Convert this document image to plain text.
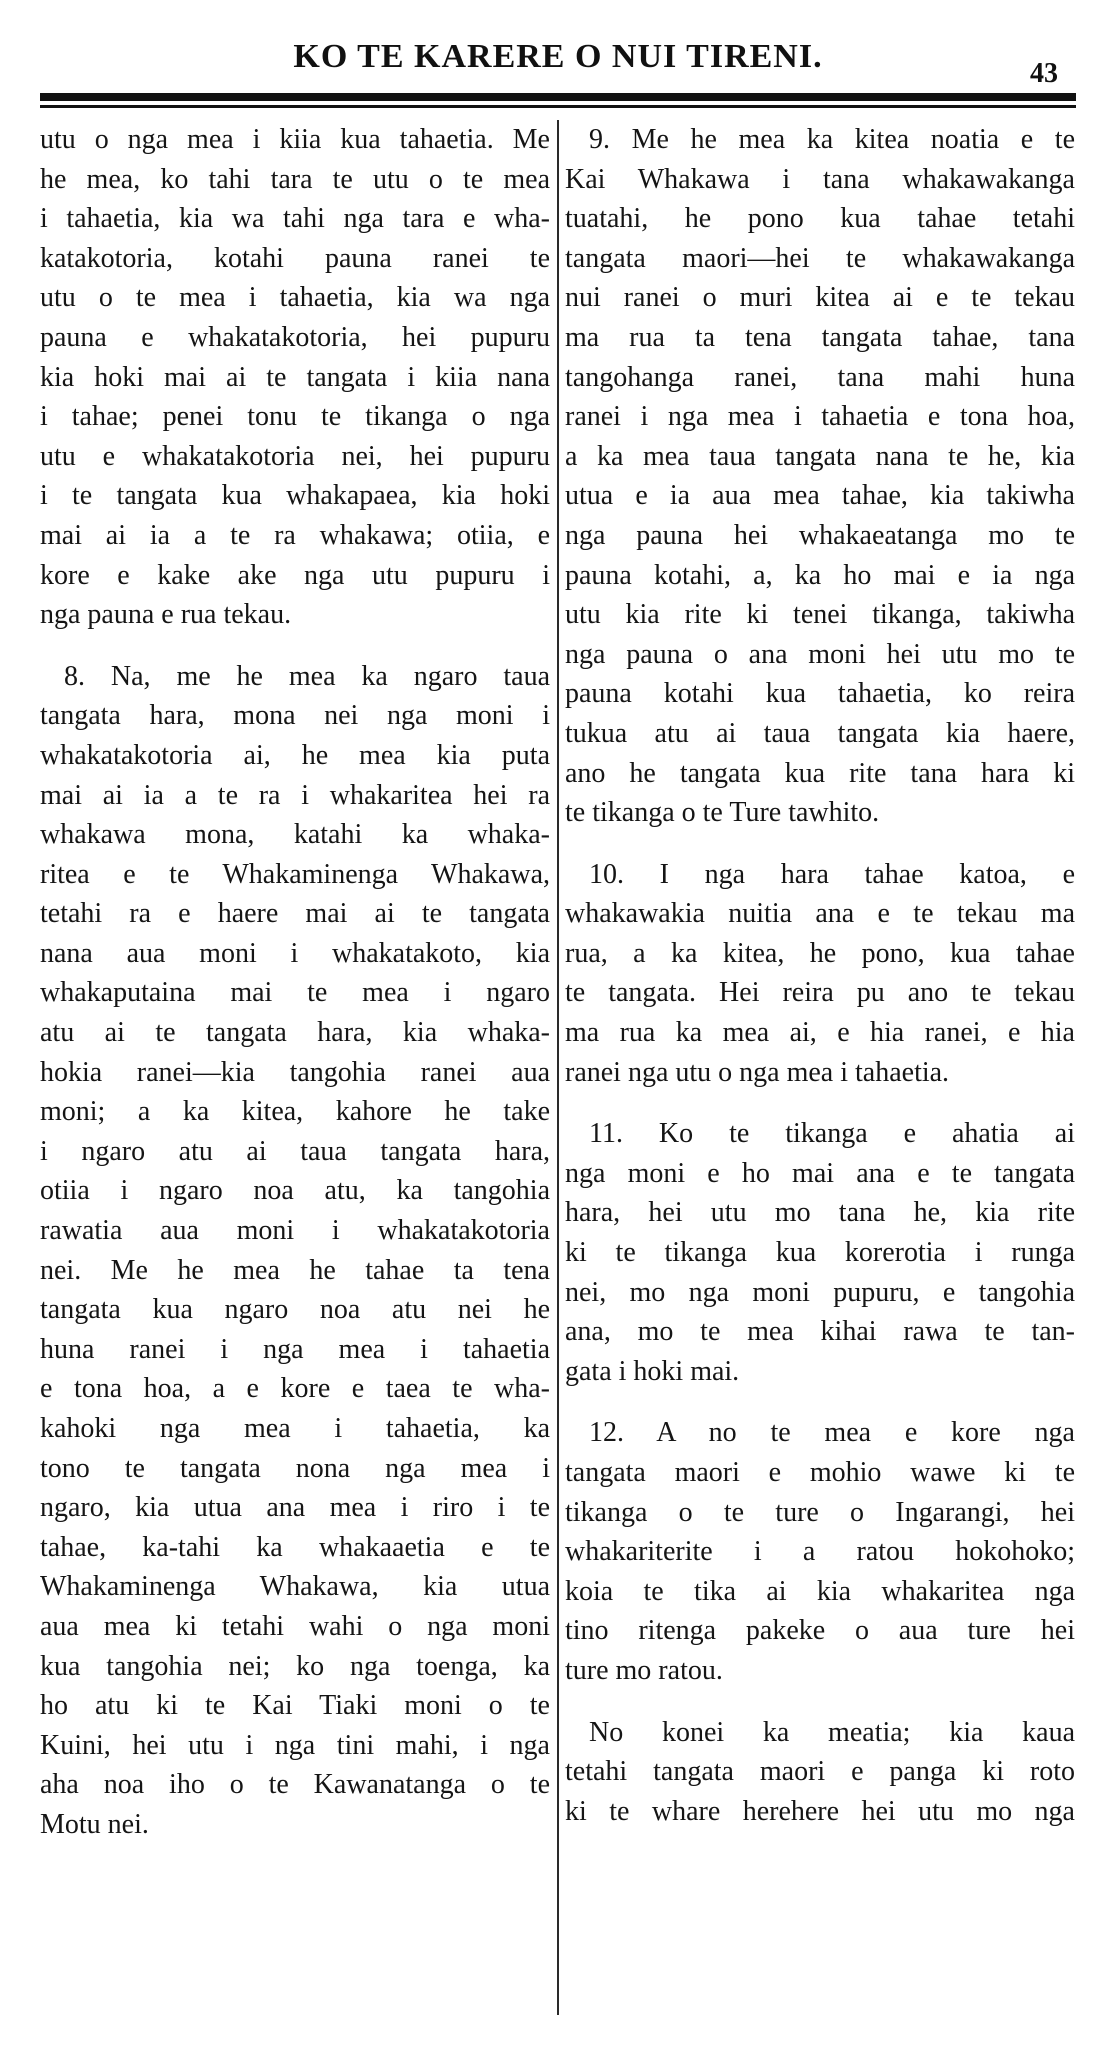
KO TE KARERE O NUI TIRENI.	43
utu o nga mea i kiia kua tahaetia. Me
he mea, ko tahi tara te utu o te mea
i tahaetia, kia wa tahi nga tara e wha-
katakotoria, kotahi pauna ranei te
utu o te mea i tahaetia, kia wa nga
pauna e whakatakotoria, hei pupuru
kia hoki mai ai te tangata i kiia nana
i tahae; penei tonu te tikanga o nga
utu e whakatakotoria nei, hei pupuru
i te tangata kua whakapaea, kia hoki
mai ai ia a te ra whakawa; otiia, e
kore e kake ake nga utu pupuru i
nga pauna e rua tekau.
8. Na, me he mea ka ngaro taua
tangata hara, mona nei nga moni i
whakatakotoria ai, he mea kia puta
mai ai ia a te ra i whakaritea hei ra
whakawa mona, katahi ka whaka-
ritea e te Whakaminenga Whakawa,
tetahi ra e haere mai ai te tangata
nana aua moni i whakatakoto, kia
whakaputaina mai te mea i ngaro
atu ai te tangata hara, kia whaka-
hokia ranei—kia tangohia ranei aua
moni; a ka kitea, kahore he take
i ngaro atu ai taua tangata hara,
otiia i ngaro noa atu, ka tangohia
rawatia aua moni i whakatakotoria
nei. Me he mea he tahae ta tena
tangata kua ngaro noa atu nei he
huna ranei i nga mea i tahaetia
e tona hoa, a e kore e taea te wha-
kahoki nga mea i tahaetia, ka
tono te tangata nona nga mea i
ngaro, kia utua ana mea i riro i te
tahae, ka-tahi ka whakaaetia e te
Whakaminenga Whakawa, kia utua
aua mea ki tetahi wahi o nga moni
kua tangohia nei; ko nga toenga, ka
ho atu ki te Kai Tiaki moni o te
Kuini, hei utu i nga tini mahi, i nga
aha noa iho o te Kawanatanga o te
Motu nei.
9. Me he mea ka kitea noatia e te
Kai Whakawa i tana whakawakanga
tuatahi, he pono kua tahae tetahi
tangata maori—hei te whakawakanga
nui ranei o muri kitea ai e te tekau
ma rua ta tena tangata tahae, tana
tangohanga ranei, tana mahi huna
ranei i nga mea i tahaetia e tona hoa,
a ka mea taua tangata nana te he, kia
utua e ia aua mea tahae, kia takiwha
nga pauna hei whakaeatanga mo te
pauna kotahi, a, ka ho mai e ia nga
utu kia rite ki tenei tikanga, takiwha
nga pauna o ana moni hei utu mo te
pauna kotahi kua tahaetia, ko reira
tukua atu ai taua tangata kia haere,
ano he tangata kua rite tana hara ki
te tikanga o te Ture tawhito.
10. I nga hara tahae katoa, e
whakawakia nuitia ana e te tekau ma
rua, a ka kitea, he pono, kua tahae
te tangata. Hei reira pu ano te tekau
ma rua ka mea ai, e hia ranei, e hia
ranei nga utu o nga mea i tahaetia.
11. Ko te tikanga e ahatia ai
nga moni e ho mai ana e te tangata
hara, hei utu mo tana he, kia rite
ki te tikanga kua korerotia i runga
nei, mo nga moni pupuru, e tangohia
ana, mo te mea kihai rawa te tan-
gata i hoki mai.
12. A no te mea e kore nga
tangata maori e mohio wawe ki te
tikanga o te ture o Ingarangi, hei
whakariterite i a ratou hokohoko;
koia te tika ai kia whakaritea nga
tino ritenga pakeke o aua ture hei
ture mo ratou.
No konei ka meatia; kia kaua
tetahi tangata maori e panga ki roto
ki te whare herehere hei utu mo nga
